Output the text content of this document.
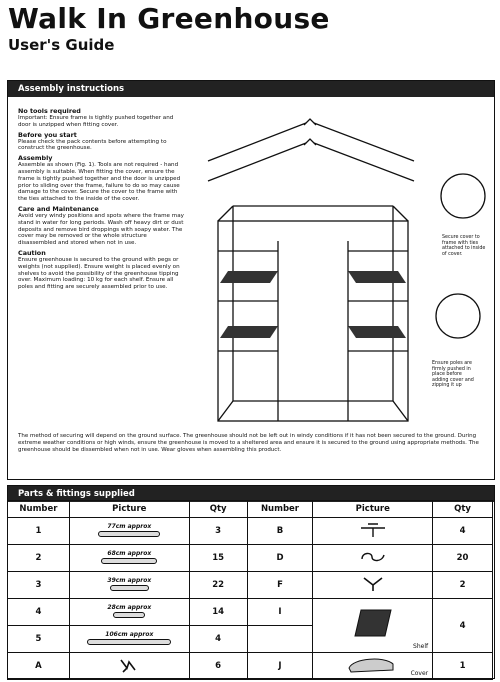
Walk In Greenhouse
User's Guide
Assembly instructions
No tools required

Important: Ensure frame is tightly pushed together and door is unzipped when fitting cover.

Before you start

Please check the pack contents before attempting to construct the greenhouse.

Assembly

Assemble as shown (Fig. 1). Tools are not required - hand assembly is suitable. When fitting the cover, ensure the frame is tightly pushed together and the door is unzipped prior to sliding over the frame, failure to do so may cause damage to the cover. Secure the cover to the frame with the ties attached to the inside of the cover.

Care and Maintenance

Avoid very windy positions and spots where the frame may stand in water for long periods. Wash off heavy dirt or dust deposits and remove bird droppings with soapy water. The cover may be removed or the whole structure disassembled and stored when not in use.

Caution

Ensure greenhouse is secured to the ground with pegs or weights (not supplied). Ensure weight is placed evenly on shelves to avoid the possibility of the greenhouse tipping over. Maximum loading: 10 kg for each shelf. Ensure all poles and fitting are securely assembled prior to use.

Secure cover to frame with ties attached to inside of cover.
Ensure poles are firmly pushed in place before adding cover and zipping it up
The method of securing will depend on the ground surface. The greenhouse should not be left out in windy conditions if it has not been secured to the ground. During extreme weather conditions or high winds, ensure the greenhouse is moved to a sheltered area and ensure it is secured to the ground using appropriate methods. The greenhouse should be dissembled when not in use. Wear gloves when assembling this product.
Parts & fittings supplied
Number	Picture	Qty	Number	Picture	Qty
1	77cm approx	3	B		4
2	68cm approx	15	D		20
3	39cm approx	22	F		2
4	28cm approx	14	I	Shelf	4
5	106cm approx	4			
A		6	J	Cover	1
